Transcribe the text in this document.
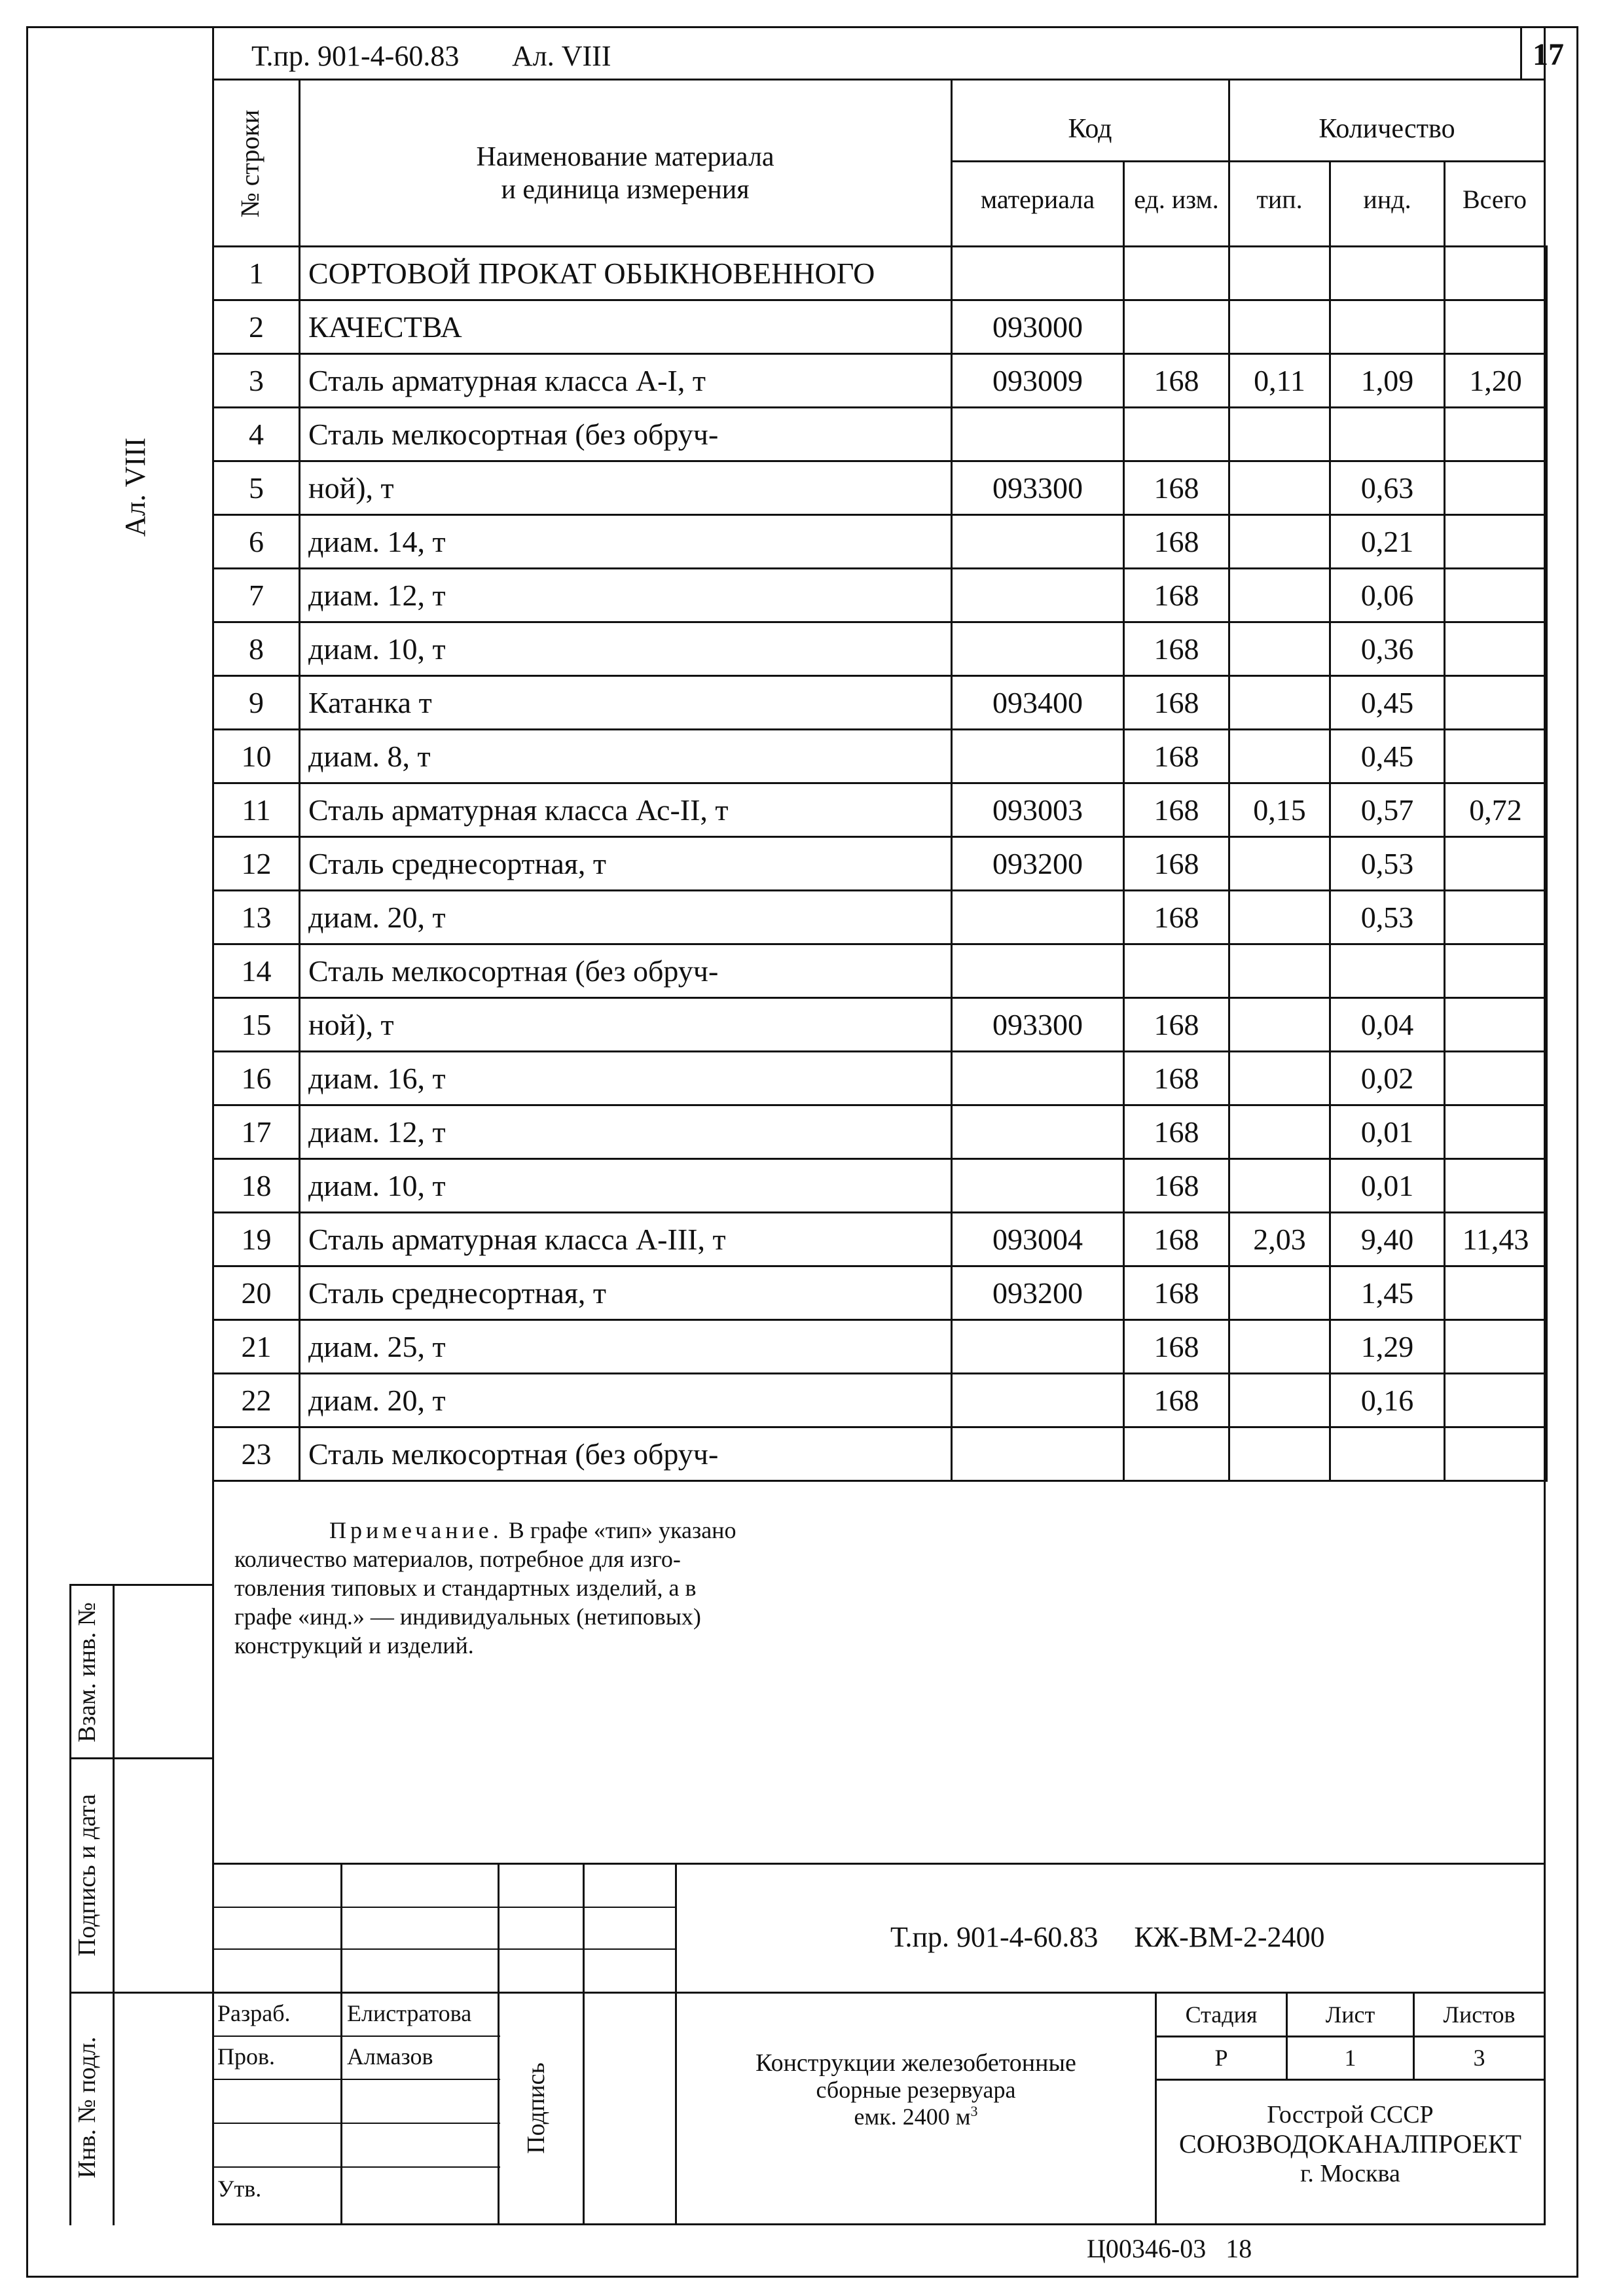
17
Т.пр. 901-4-60.83 Ал. VIII
Ал. VIII
№ строки	Наименование материала
и единица измерения
Код
материала	ед. изм.
Количество
тип.	инд.	Всего
1	СОРТОВОЙ ПРОКАТ ОБЫКНОВЕННОГО					
2	КАЧЕСТВА	093000				
3	Сталь арматурная класса А-I, т	093009	168	0,11	1,09	1,20
4	Сталь мелкосортная (без обруч-					
5	ной), т	093300	168		0,63	
6	диам. 14, т		168		0,21	
7	диам. 12, т		168		0,06	
8	диам. 10, т		168		0,36	
9	Катанка т	093400	168		0,45	
10	диам. 8, т		168		0,45	
11	Сталь арматурная класса Ас-II, т	093003	168	0,15	0,57	0,72
12	Сталь среднесортная, т	093200	168		0,53	
13	диам. 20, т		168		0,53	
14	Сталь мелкосортная (без обруч-					
15	ной), т	093300	168		0,04	
16	диам. 16, т		168		0,02	
17	диам. 12, т		168		0,01	
18	диам. 10, т		168		0,01	
19	Сталь арматурная класса А-III, т	093004	168	2,03	9,40	11,43
20	Сталь среднесортная, т	093200	168		1,45	
21	диам. 25, т		168		1,29	
22	диам. 20, т		168		0,16	
23	Сталь мелкосортная (без обруч-					
Примечание. В графе «тип» указано
количество материалов, потребное для изго-
товления типовых и стандартных изделий, а в
графе «инд.» — индивидуальных (нетиповых)
конструкций и изделий.
Взам. инв. №
Подпись и дата
Инв. № подл.
Т.пр. 901-4-60.83     КЖ-ВМ-2-2400
Разраб. Елистратова
Пров.	Алмазов
Утв.
Подпись	Конструкции железобетонные
сборные резервуара
емк. 2400 $м^3$
Стадия	Лист	Листов
Р	1	3
Госстрой СССР
СОЮЗВОДОКАНАЛПРОЕКТ
г. Москва
Ц00346-03   18
